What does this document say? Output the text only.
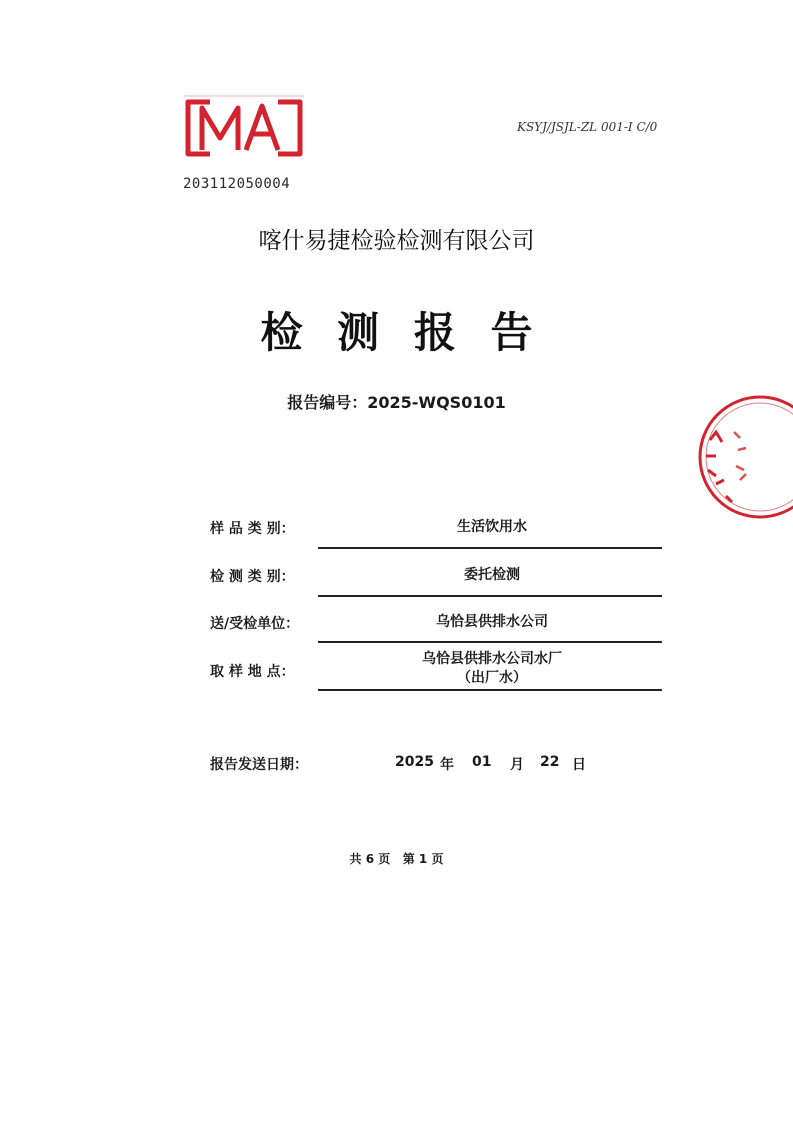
203112050004
KSYJ/JSJL-ZL 001-I C/0
喀什易捷检验检测有限公司
检 测 报 告
报告编号：2025-WQS0101
样 品 类 别：	生活饮用水
检 测 类 别：	委托检测
送/受检单位：	乌恰县供排水公司
取 样 地 点：
乌恰县供排水公司水厂
（出厂水）
报告发送日期：	2025 年 01 月 22 日
共 6 页   第 1 页
